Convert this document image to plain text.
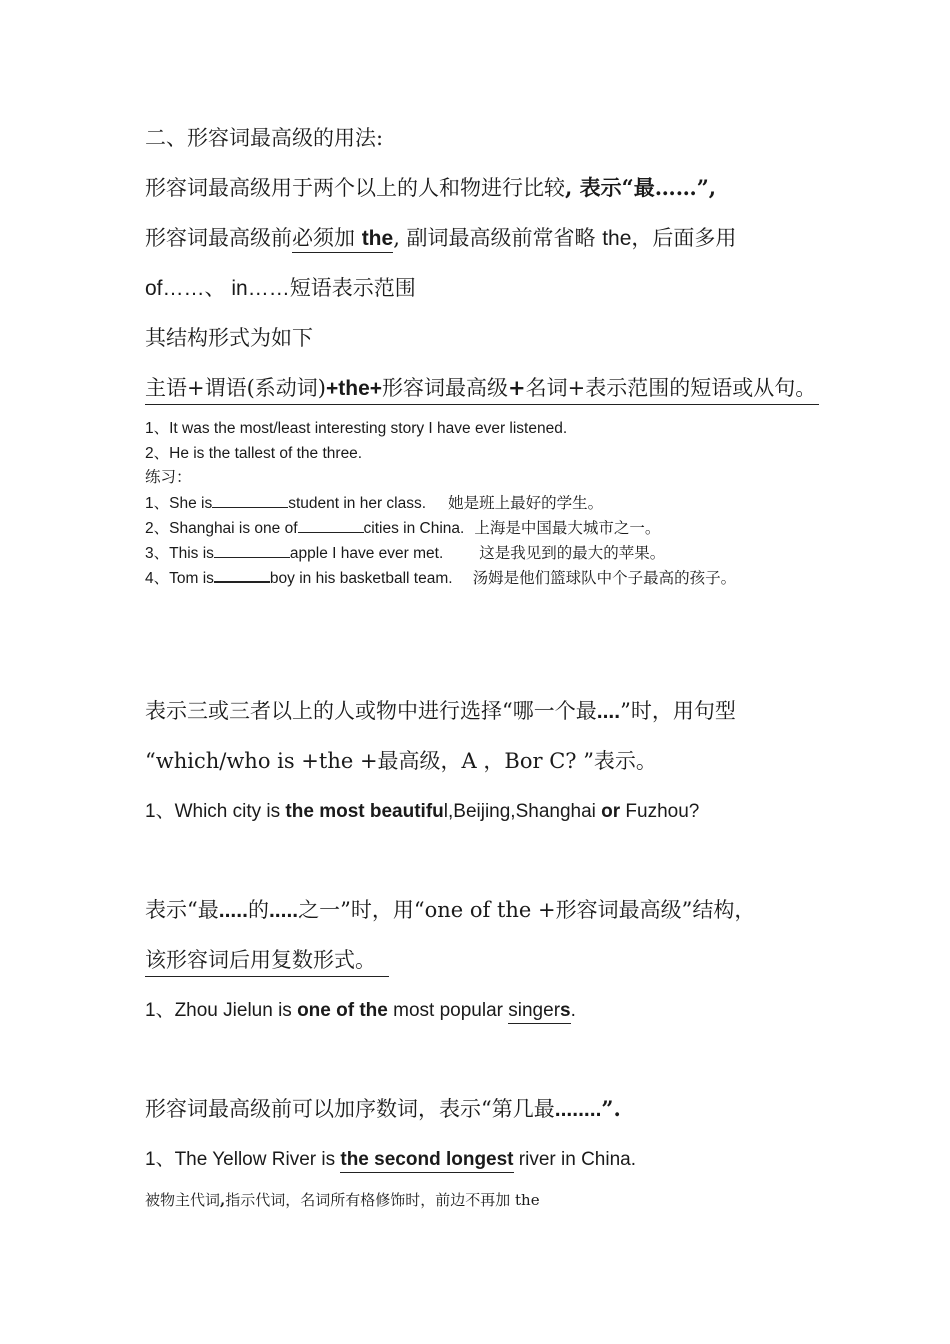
二、形容词最高级的用法:
形容词最高级用于两个以上的人和物进行比较, 表示“最……”,
形容词最高级前必须加 the, 副词最高级前常省略 the，后面多用
of……、 in……短语表示范围
其结构形式为如下
主语+谓语(系动词)+the+形容词最高级+名词+表示范围的短语或从句。
1、It was the most/least interesting story I have ever listened.
2、He is the tallest of the three.
练习：
1、She is	student in her class. 她是班上最好的学生。
2、Shanghai is one of	cities in China. 上海是中国最大城市之一。
3、This is	apple I have ever met. 这是我见到的最大的苹果。
4、Tom is	boy in his basketball team. 汤姆是他们篮球队中个子最高的孩子。
表示三或三者以上的人或物中进行选择“哪一个最....”时，用句型
“which/who is +the +最高级，A ，Bor C? ”表示。
1、Which city is the most beautiful,Beijing,Shanghai or Fuzhou?
表示“最.....的.....之一”时，用“one of the +形容词最高级”结构，
该形容词后用复数形式。
1、Zhou Jielun is one of the most popular singers.
形容词最高级前可以加序数词，表示“第几最........”.
1、The Yellow River is the second longest river in China.
被物主代词,指示代词，名词所有格修饰时，前边不再加 the
